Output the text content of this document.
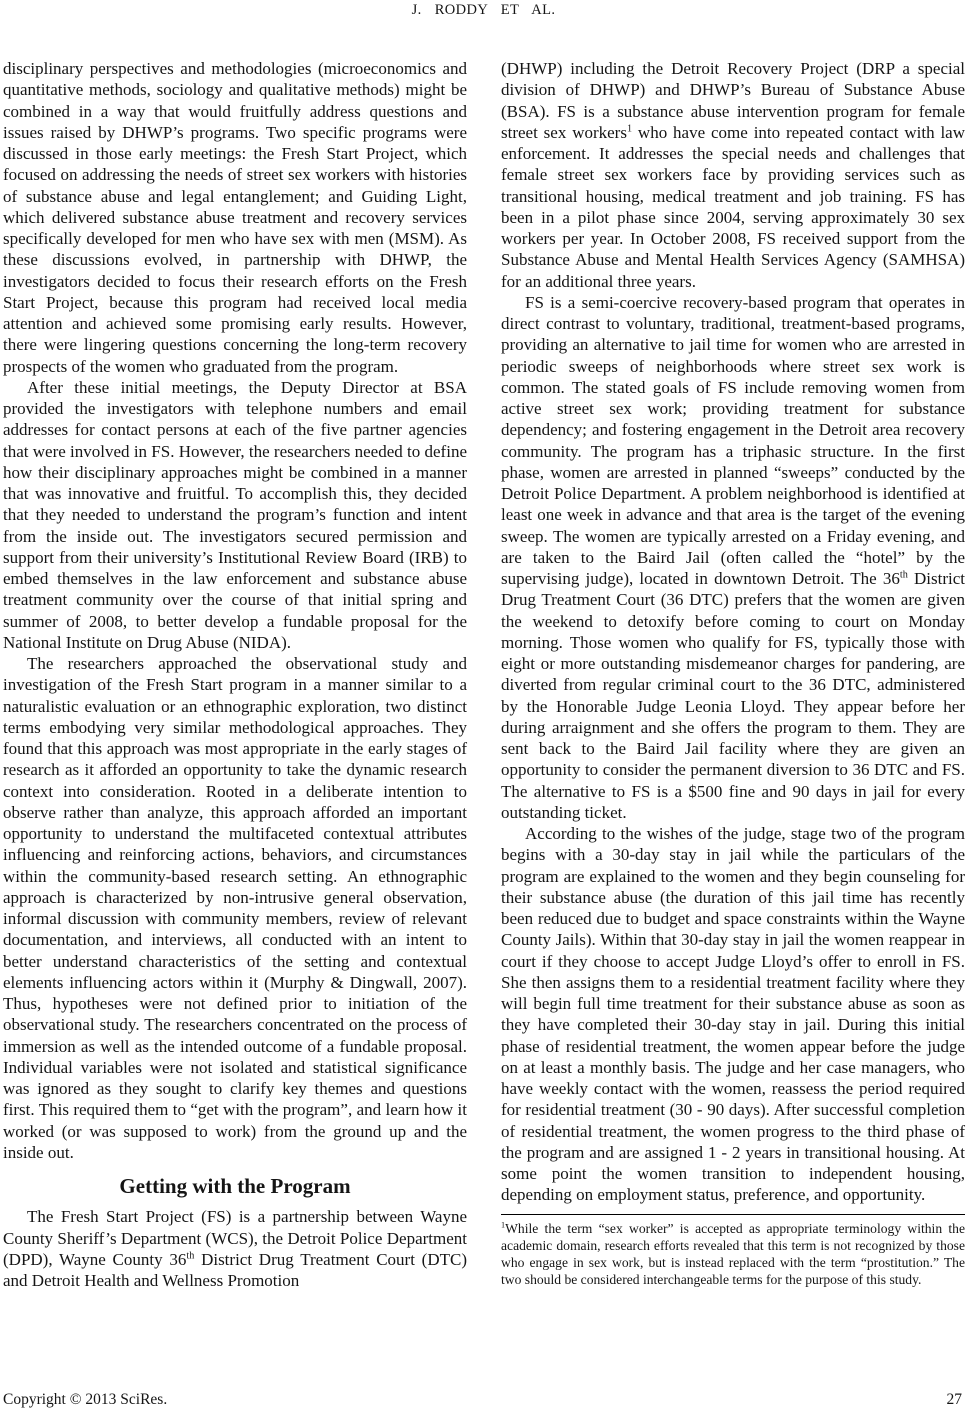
J. RODDY ET AL.

disciplinary perspectives and methodologies (microeconomics and quantitative methods, sociology and qualitative methods) might be combined in a way that would fruitfully address questions and issues raised by DHWP’s programs. Two specific programs were discussed in those early meetings: the Fresh Start Project, which focused on addressing the needs of street sex workers with histories of substance abuse and legal entanglement; and Guiding Light, which delivered substance abuse treatment and recovery services specifically developed for men who have sex with men (MSM). As these discussions evolved, in partnership with DHWP, the investigators decided to focus their research efforts on the Fresh Start Project, because this program had received local media attention and achieved some promising early results. However, there were lingering questions concerning the long-term recovery prospects of the women who graduated from the program.

After these initial meetings, the Deputy Director at BSA provided the investigators with telephone numbers and email addresses for contact persons at each of the five partner agencies that were involved in FS. However, the researchers needed to define how their disciplinary approaches might be combined in a manner that was innovative and fruitful. To accomplish this, they decided that they needed to understand the program’s function and intent from the inside out. The investigators secured permission and support from their university’s Institutional Review Board (IRB) to embed themselves in the law enforcement and substance abuse treatment community over the course of that initial spring and summer of 2008, to better develop a fundable proposal for the National Institute on Drug Abuse (NIDA).

The researchers approached the observational study and investigation of the Fresh Start program in a manner similar to a naturalistic evaluation or an ethnographic exploration, two distinct terms embodying very similar methodological approaches. They found that this approach was most appropriate in the early stages of research as it afforded an opportunity to take the dynamic research context into consideration. Rooted in a deliberate intention to observe rather than analyze, this approach afforded an important opportunity to understand the multifaceted contextual attributes influencing and reinforcing actions, behaviors, and circumstances within the community-based research setting. An ethnographic approach is characterized by non-intrusive general observation, informal discussion with community members, review of relevant documentation, and interviews, all conducted with an intent to better understand characteristics of the setting and contextual elements influencing actors within it (Murphy & Dingwall, 2007). Thus, hypotheses were not defined prior to initiation of the observational study. The researchers concentrated on the process of immersion as well as the intended outcome of a fundable proposal. Individual variables were not isolated and statistical significance was ignored as they sought to clarify key themes and questions first. This required them to “get with the program”, and learn how it worked (or was supposed to work) from the ground up and the inside out.

Getting with the Program

The Fresh Start Project (FS) is a partnership between Wayne County Sheriff’s Department (WCS), the Detroit Police Department (DPD), Wayne County 36th District Drug Treatment Court (DTC) and Detroit Health and Wellness Promotion

(DHWP) including the Detroit Recovery Project (DRP a special division of DHWP) and DHWP’s Bureau of Substance Abuse (BSA). FS is a substance abuse intervention program for female street sex workers$^1$ who have come into repeated contact with law enforcement. It addresses the special needs and challenges that female street sex workers face by providing services such as transitional housing, medical treatment and job training. FS has been in a pilot phase since 2004, serving approximately 30 sex workers per year. In October 2008, FS received support from the Substance Abuse and Mental Health Services Agency (SAMHSA) for an additional three years.

FS is a semi-coercive recovery-based program that operates in direct contrast to voluntary, traditional, treatment-based programs, providing an alternative to jail time for women who are arrested in periodic sweeps of neighborhoods where street sex work is common. The stated goals of FS include removing women from active street sex work; providing treatment for substance dependency; and fostering engagement in the Detroit area recovery community. The program has a triphasic structure. In the first phase, women are arrested in planned “sweeps” conducted by the Detroit Police Department. A problem neighborhood is identified at least one week in advance and that area is the target of the evening sweep. The women are typically arrested on a Friday evening, and are taken to the Baird Jail (often called the “hotel” by the supervising judge), located in downtown Detroit. The 36th District Drug Treatment Court (36 DTC) prefers that the women are given the weekend to detoxify before coming to court on Monday morning. Those women who qualify for FS, typically those with eight or more outstanding misdemeanor charges for pandering, are diverted from regular criminal court to the 36 DTC, administered by the Honorable Judge Leonia Lloyd. They appear before her during arraignment and she offers the program to them. They are sent back to the Baird Jail facility where they are given an opportunity to consider the permanent diversion to 36 DTC and FS. The alternative to FS is a $500 fine and 90 days in jail for every outstanding ticket.

According to the wishes of the judge, stage two of the program begins with a 30-day stay in jail while the particulars of the program are explained to the women and they begin counseling for their substance abuse (the duration of this jail time has recently been reduced due to budget and space constraints within the Wayne County Jails). Within that 30-day stay in jail the women reappear in court if they choose to accept Judge Lloyd’s offer to enroll in FS. She then assigns them to a residential treatment facility where they will begin full time treatment for their substance abuse as soon as they have completed their 30-day stay in jail. During this initial phase of residential treatment, the women appear before the judge on at least a monthly basis. The judge and her case managers, who have weekly contact with the women, reassess the period required for residential treatment (30 - 90 days). After successful completion of residential treatment, the women progress to the third phase of the program and are assigned 1 - 2 years in transitional housing. At some point the women transition to independent housing, depending on employment status, preference, and opportunity.

$^1$While the term “sex worker” is accepted as appropriate terminology within the academic domain, research efforts revealed that this term is not recognized by those who engage in sex work, but is instead replaced with the term “prostitution.” The two should be considered interchangeable terms for the purpose of this study.

Copyright © 2013 SciRes.	27
